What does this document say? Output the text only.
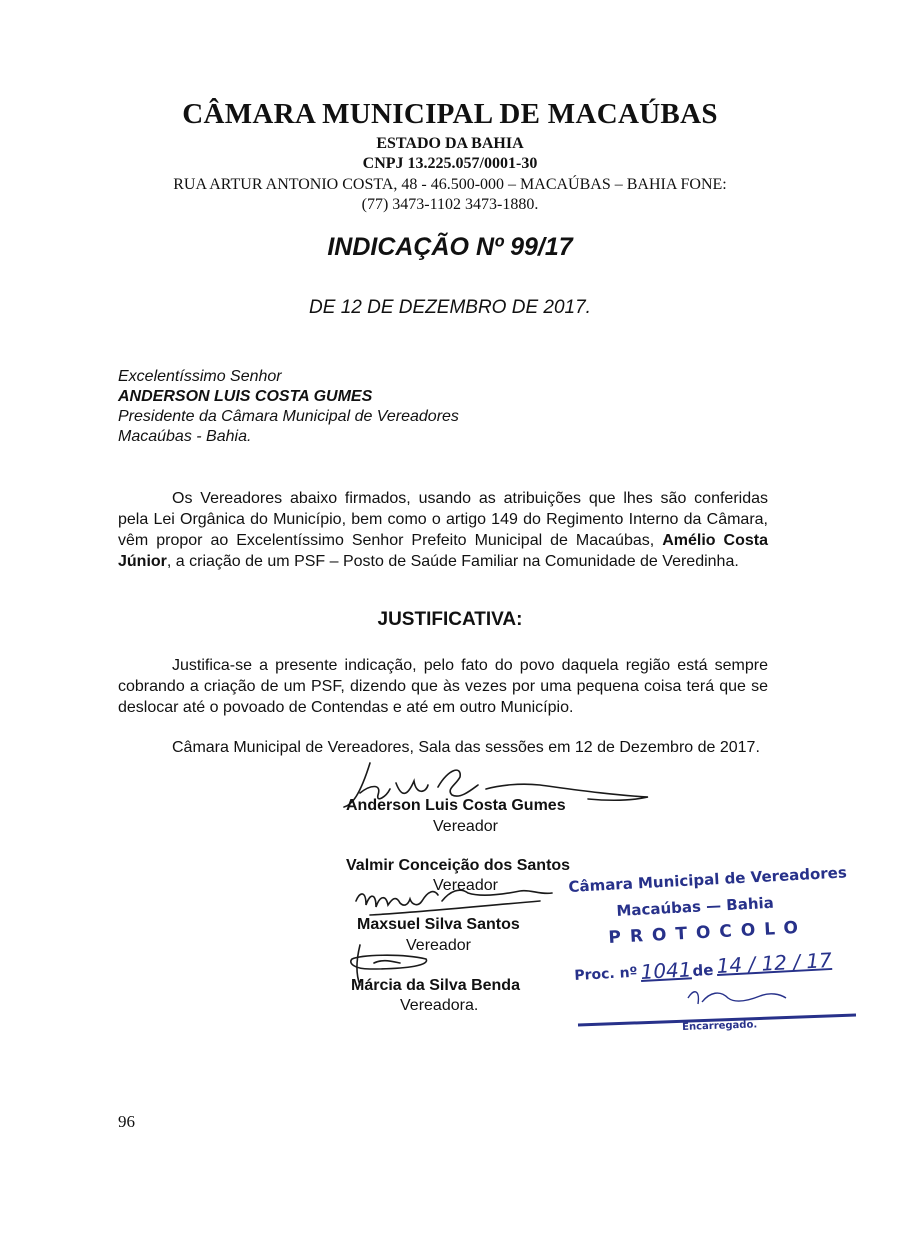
CÂMARA MUNICIPAL DE MACAÚBAS
ESTADO DA BAHIA
CNPJ 13.225.057/0001-30
RUA ARTUR ANTONIO COSTA, 48 - 46.500-000 – MACAÚBAS – BAHIA FONE:
(77) 3473-1102 3473-1880.
INDICAÇÃO Nº 99/17
DE 12 DE DEZEMBRO DE 2017.
Excelentíssimo Senhor
ANDERSON LUIS COSTA GUMES
Presidente da Câmara Municipal de Vereadores
Macaúbas - Bahia.

Os Vereadores abaixo firmados, usando as atribuições que lhes são conferidas pela Lei Orgânica do Município, bem como o artigo 149 do Regimento Interno da Câmara, vêm propor ao Excelentíssimo Senhor Prefeito Municipal de Macaúbas, Amélio Costa Júnior, a criação de um PSF – Posto de Saúde Familiar na Comunidade de Veredinha.

JUSTIFICATIVA:

Justifica-se a presente indicação, pelo fato do povo daquela região está sempre cobrando a criação de um PSF, dizendo que às vezes por uma pequena coisa terá que se deslocar até o povoado de Contendas e até em outro Município.

Câmara Municipal de Vereadores, Sala das sessões em 12 de Dezembro de 2017.

Anderson Luis Costa Gumes
Vereador
Valmir Conceição dos Santos
Vereador
Maxsuel Silva Santos
Vereador
Márcia da Silva Benda
Vereadora.
Câmara Municipal de Vereadores
Macaúbas — Bahia
PROTOCOLO
Proc. nº 1041 de 14 / 12 / 17
Encarregado.
96
